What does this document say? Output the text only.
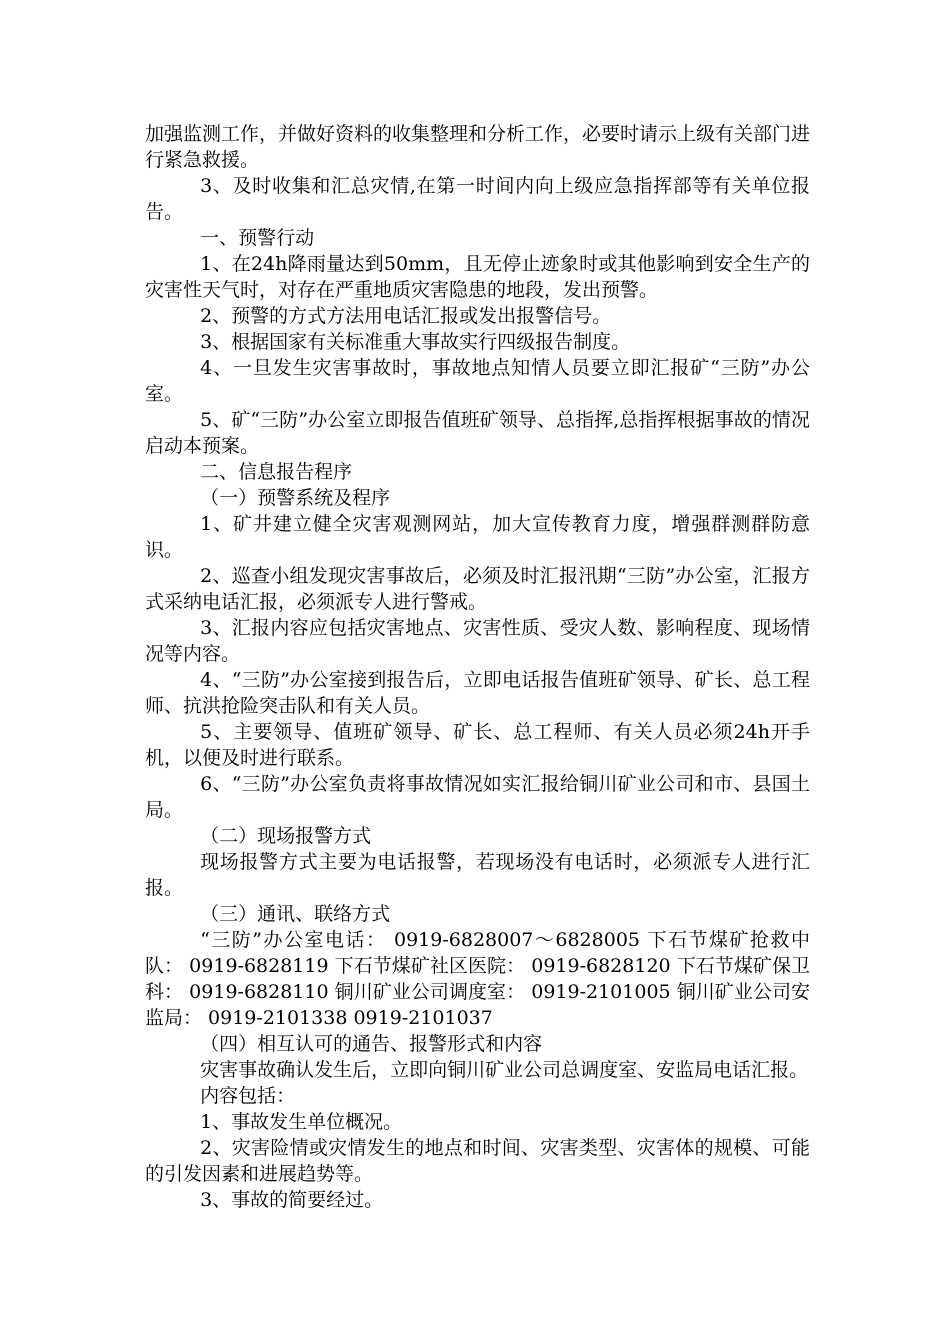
加强监测工作，并做好资料的收集整理和分析工作，必要时请示上级有关部门进行紧急救援。

3、及时收集和汇总灾情,在第一时间内向上级应急指挥部等有关单位报告。

一、预警行动

1、在24h降雨量达到50mm，且无停止迹象时或其他影响到安全生产的灾害性天气时，对存在严重地质灾害隐患的地段，发出预警。

2、预警的方式方法用电话汇报或发出报警信号。

3、根据国家有关标准重大事故实行四级报告制度。

4、一旦发生灾害事故时，事故地点知情人员要立即汇报矿“三防”办公室。

5、矿“三防”办公室立即报告值班矿领导、总指挥,总指挥根据事故的情况启动本预案。

二、信息报告程序

（一）预警系统及程序

1、矿井建立健全灾害观测网站，加大宣传教育力度，增强群测群防意识。

2、巡查小组发现灾害事故后，必须及时汇报汛期“三防”办公室，汇报方式采纳电话汇报，必须派专人进行警戒。

3、汇报内容应包括灾害地点、灾害性质、受灾人数、影响程度、现场情况等内容。

4、“三防”办公室接到报告后，立即电话报告值班矿领导、矿长、总工程师、抗洪抢险突击队和有关人员。

5、主要领导、值班矿领导、矿长、总工程师、有关人员必须24h开手机，以便及时进行联系。

6、“三防”办公室负责将事故情况如实汇报给铜川矿业公司和市、县国土局。

（二）现场报警方式

现场报警方式主要为电话报警，若现场没有电话时，必须派专人进行汇报。

（三）通讯、联络方式

“三防”办公室电话： 0919-6828007～6828005 下石节煤矿抢救中队： 0919-6828119 下石节煤矿社区医院： 0919-6828120 下石节煤矿保卫科： 0919-6828110 铜川矿业公司调度室： 0919-2101005 铜川矿业公司安监局： 0919-2101338 0919-2101037

（四）相互认可的通告、报警形式和内容

灾害事故确认发生后，立即向铜川矿业公司总调度室、安监局电话汇报。

内容包括：

1、事故发生单位概况。

2、灾害险情或灾情发生的地点和时间、灾害类型、灾害体的规模、可能的引发因素和进展趋势等。

3、事故的简要经过。
